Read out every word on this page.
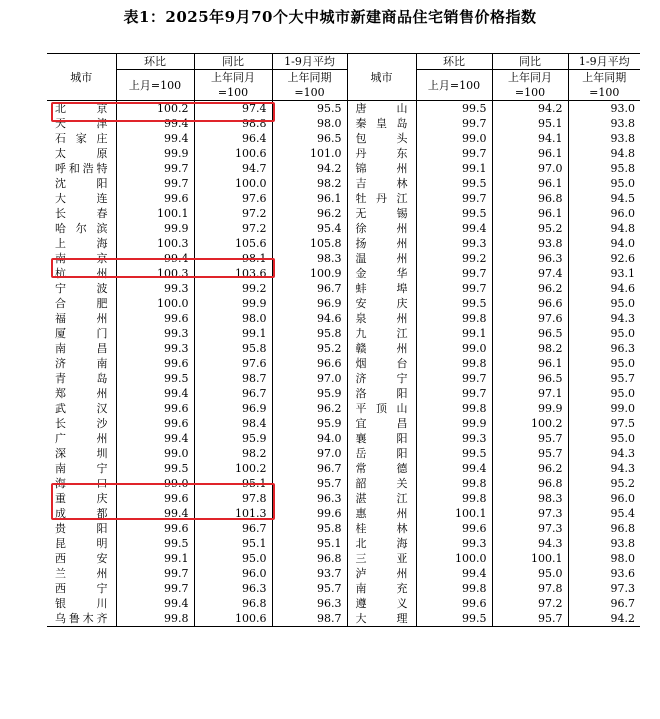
表1：2025年9月70个大中城市新建商品住宅销售价格指数
城市	环比	同比	1-9月平均	城市	环比	同比	1-9月平均
	上月=100	上年同月	上年同期		上月=100	上年同月	上年同期
		=100	=100			=100	=100
北京	100.2	97.4	95.5	唐山	99.5	94.2	93.0
天津	99.4	98.8	98.0	秦皇岛	99.7	95.1	93.8
石家庄	99.4	96.4	96.5	包头	99.0	94.1	93.8
太原	99.9	100.6	101.0	丹东	99.7	96.1	94.8
呼和浩特	99.7	94.7	94.2	锦州	99.1	97.0	95.8
沈阳	99.7	100.0	98.2	吉林	99.5	96.1	95.0
大连	99.6	97.6	96.1	牡丹江	99.7	96.8	94.5
长春	100.1	97.2	96.2	无锡	99.5	96.1	96.0
哈尔滨	99.9	97.2	95.4	徐州	99.4	95.2	94.8
上海	100.3	105.6	105.8	扬州	99.3	93.8	94.0
南京	99.4	98.1	98.3	温州	99.2	96.3	92.6
杭州	100.3	103.6	100.9	金华	99.7	97.4	93.1
宁波	99.3	99.2	96.7	蚌埠	99.7	96.2	94.6
合肥	100.0	99.9	96.9	安庆	99.5	96.6	95.0
福州	99.6	98.0	94.6	泉州	99.8	97.6	94.3
厦门	99.3	99.1	95.8	九江	99.1	96.5	95.0
南昌	99.3	95.8	95.2	赣州	99.0	98.2	96.3
济南	99.6	97.6	96.6	烟台	99.8	96.1	95.0
青岛	99.5	98.7	97.0	济宁	99.7	96.5	95.7
郑州	99.4	96.7	95.9	洛阳	99.7	97.1	95.0
武汉	99.6	96.9	96.2	平顶山	99.8	99.9	99.0
长沙	99.6	98.4	95.9	宜昌	99.9	100.2	97.5
广州	99.4	95.9	94.0	襄阳	99.3	95.7	95.0
深圳	99.0	98.2	97.0	岳阳	99.5	95.7	94.3
南宁	99.5	100.2	96.7	常德	99.4	96.2	94.3
海口	99.0	95.1	95.7	韶关	99.8	96.8	95.2
重庆	99.6	97.8	96.3	湛江	99.8	98.3	96.0
成都	99.4	101.3	99.6	惠州	100.1	97.3	95.4
贵阳	99.6	96.7	95.8	桂林	99.6	97.3	96.8
昆明	99.5	95.1	95.1	北海	99.3	94.3	93.8
西安	99.1	95.0	96.8	三亚	100.0	100.1	98.0
兰州	99.7	96.0	93.7	泸州	99.4	95.0	93.6
西宁	99.7	96.3	95.7	南充	99.8	97.8	97.3
银川	99.4	96.8	96.3	遵义	99.6	97.2	96.7
乌鲁木齐	99.8	100.6	98.7	大理	99.5	95.7	94.2
